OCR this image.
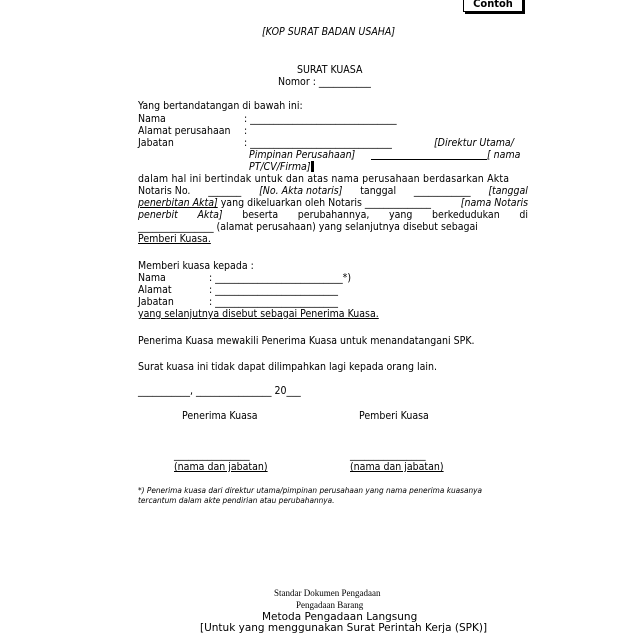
Contoh
[KOP SURAT BADAN USAHA]
SURAT KUASA
Nomor : ___________
Yang bertandatangan di bawah ini:
Nama	: _______________________________
Alamat perusahaan :
Jabatan	: ______________________________	[Direktur Utama/
Pimpinan Perusahaan]	[ nama
PT/CV/Firma]
dalam hal ini bertindak untuk dan atas nama perusahaan berdasarkan Akta
Notaris No. _______ [No. Akta notaris] tanggal ____________ [tanggal
penerbitan Akta] yang dikeluarkan oleh Notaris ______________	[nama Notaris
penerbit Akta] beserta perubahannya, yang berkedudukan di
________________ (alamat perusahaan) yang selanjutnya disebut sebagai
Pemberi Kuasa.
Memberi kuasa kepada :
Nama	: ___________________________*)
Alamat	: __________________________
Jabatan	: __________________________
yang selanjutnya disebut sebagai Penerima Kuasa.
Penerima Kuasa mewakili Penerima Kuasa untuk menandatangani SPK.
Surat kuasa ini tidak dapat dilimpahkan lagi kepada orang lain.
___________, ________________ 20___
Penerima Kuasa	Pemberi Kuasa
________________	________________
(nama dan jabatan)	(nama dan jabatan)
*) Penerima kuasa dari direktur utama/pimpinan perusahaan yang nama penerima kuasanya
tercantum dalam akte pendirian atau perubahannya.
Standar Dokumen Pengadaan
Pengadaan Barang
Metoda Pengadaan Langsung
[Untuk yang menggunakan Surat Perintah Kerja (SPK)]
